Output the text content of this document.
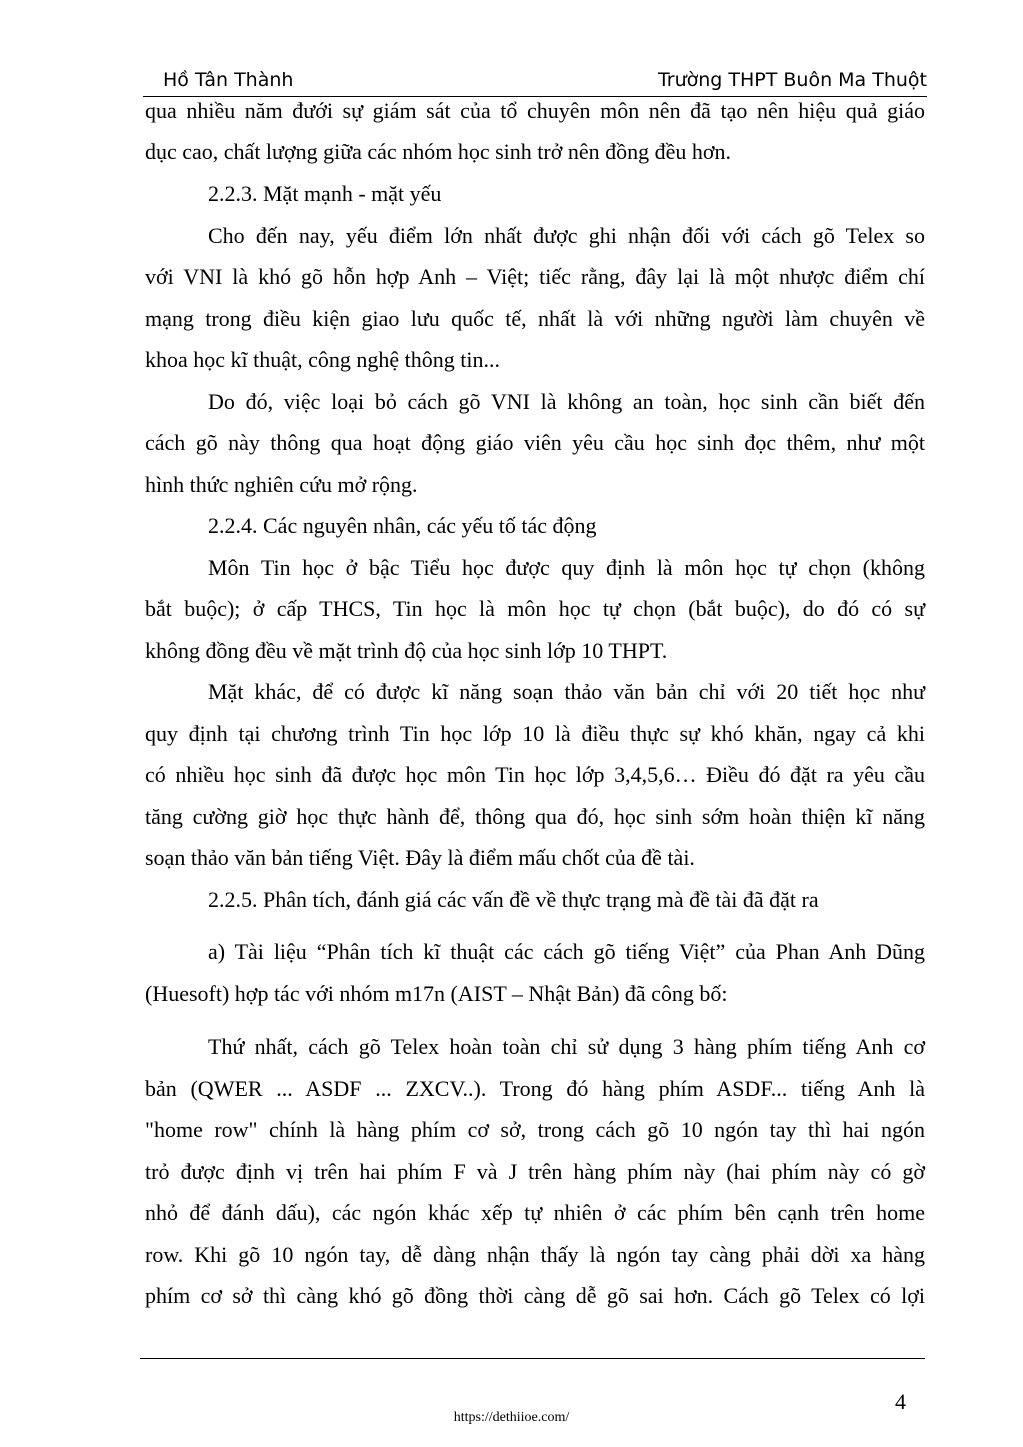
Hồ Tân Thành	Trường THPT Buôn Ma Thuột
qua nhiều năm đưới sự giám sát của tổ chuyên môn nên đã tạo nên hiệu quả giáo
dục cao, chất lượng giữa các nhóm học sinh trở nên đồng đều hơn.
2.2.3. Mặt mạnh - mặt yếu
Cho đến nay, yếu điểm lớn nhất được ghi nhận đối với cách gõ Telex so
với VNI là khó gõ hỗn hợp Anh – Việt; tiếc rằng, đây lại là một nhược điểm chí
mạng trong điều kiện giao lưu quốc tế, nhất là với những người làm chuyên về
khoa học kĩ thuật, công nghệ thông tin...
Do đó, việc loại bỏ cách gõ VNI là không an toàn, học sinh cần biết đến
cách gõ này thông qua hoạt động giáo viên yêu cầu học sinh đọc thêm, như một
hình thức nghiên cứu mở rộng.
2.2.4. Các nguyên nhân, các yếu tố tác động
Môn Tin học ở bậc Tiểu học được quy định là môn học tự chọn (không
bắt buộc); ở cấp THCS, Tin học là môn học tự chọn (bắt buộc), do đó có sự
không đồng đều về mặt trình độ của học sinh lớp 10 THPT.
Mặt khác, để có được kĩ năng soạn thảo văn bản chỉ với 20 tiết học như
quy định tại chương trình Tin học lớp 10 là điều thực sự khó khăn, ngay cả khi
có nhiều học sinh đã được học môn Tin học lớp 3,4,5,6… Điều đó đặt ra yêu cầu
tăng cường giờ học thực hành để, thông qua đó, học sinh sớm hoàn thiện kĩ năng
soạn thảo văn bản tiếng Việt. Đây là điểm mấu chốt của đề tài.
2.2.5. Phân tích, đánh giá các vấn đề về thực trạng mà đề tài đã đặt ra
a) Tài liệu “Phân tích kĩ thuật các cách gõ tiếng Việt” của Phan Anh Dũng
(Huesoft) hợp tác với nhóm m17n (AIST – Nhật Bản) đã công bố:
Thứ nhất, cách gõ Telex hoàn toàn chỉ sử dụng 3 hàng phím tiếng Anh cơ
bản (QWER ... ASDF ... ZXCV..). Trong đó hàng phím ASDF... tiếng Anh là
"home row" chính là hàng phím cơ sở, trong cách gõ 10 ngón tay thì hai ngón
trỏ được định vị trên hai phím F và J trên hàng phím này (hai phím này có gờ
nhỏ để đánh dấu), các ngón khác xếp tự nhiên ở các phím bên cạnh trên home
row. Khi gõ 10 ngón tay, dễ dàng nhận thấy là ngón tay càng phải dời xa hàng
phím cơ sở thì càng khó gõ đồng thời càng dễ gõ sai hơn. Cách gõ Telex có lợi
4
https://dethiioe.com/
